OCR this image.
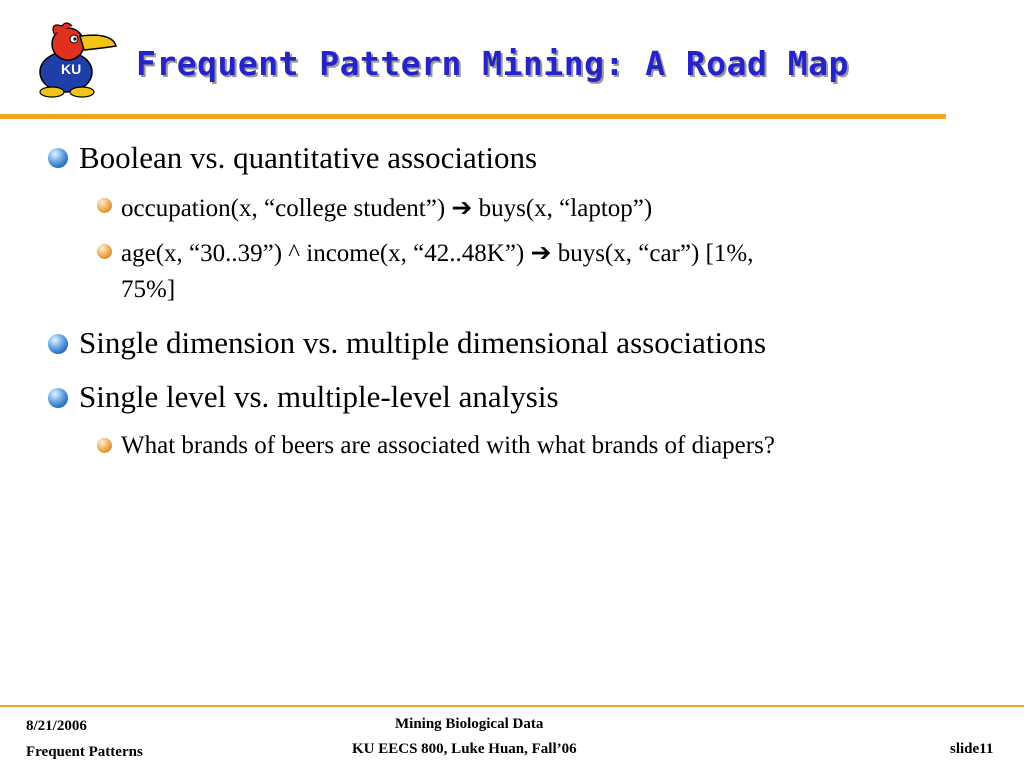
KU Frequent Pattern Mining: A Road Map
Boolean vs. quantitative associations
occupation(x, “college student”) ➔ buys(x, “laptop”)
age(x, “30..39”) ^ income(x, “42..48K”) ➔ buys(x, “car”) [1%,
75%]
Single dimension vs. multiple dimensional associations
Single level vs. multiple-level analysis
What brands of beers are associated with what brands of diapers?
8/21/2006
Frequent Patterns
Mining Biological Data
KU EECS 800, Luke Huan, Fall’06	slide11
